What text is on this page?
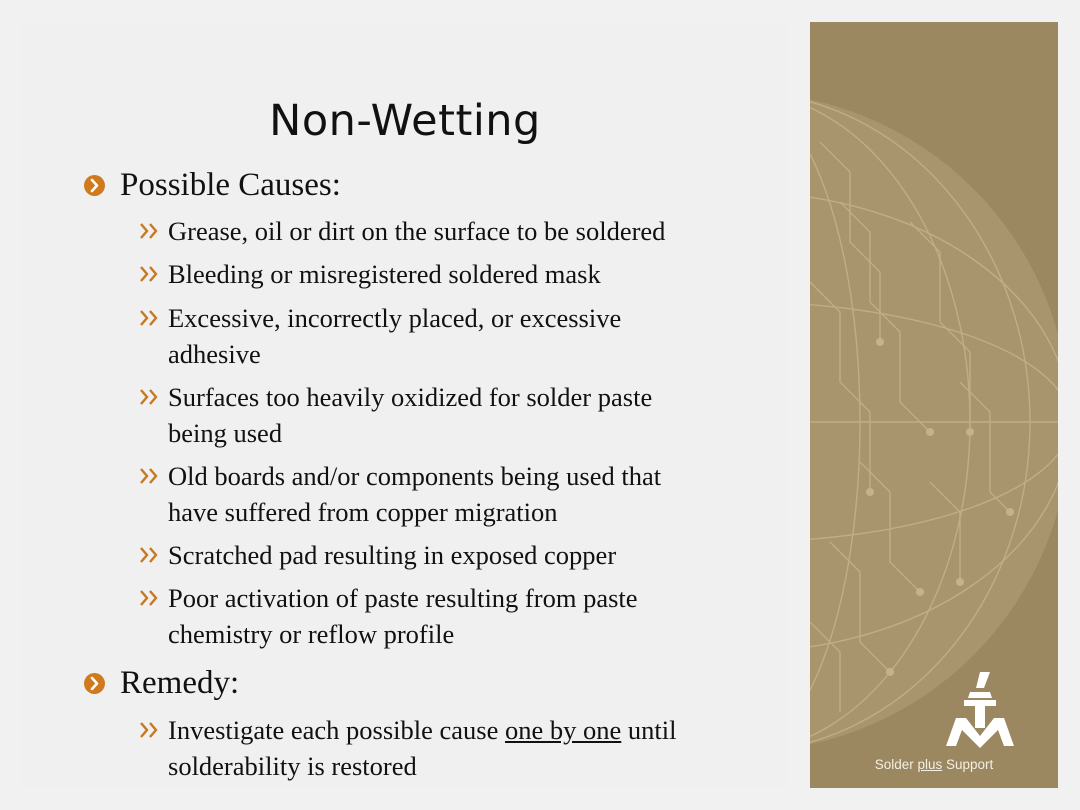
Non-Wetting
Possible Causes:
Grease, oil or dirt on the surface to be soldered
Bleeding or misregistered soldered mask
Excessive, incorrectly placed, or excessive
adhesive
Surfaces too heavily oxidized for solder paste
being used
Old boards and/or components being used that
have suffered from copper migration
Scratched pad resulting in exposed copper
Poor activation of paste resulting from paste
chemistry or reflow profile
Remedy:
Investigate each possible cause one by one until
solderability is restored	Solder plus Support
